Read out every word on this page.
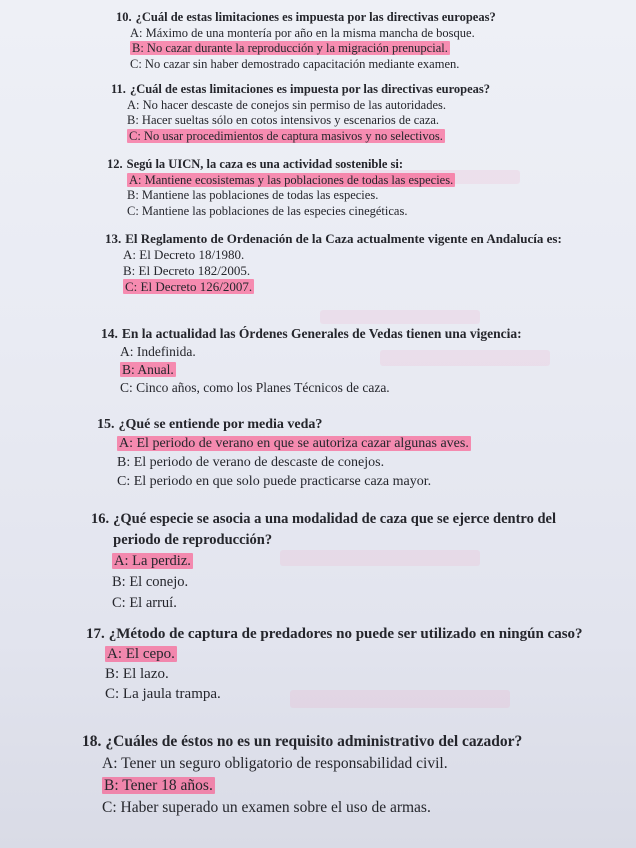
10. ¿Cuál de estas limitaciones es impuesta por las directivas europeas?
A: Máximo de una montería por año en la misma mancha de bosque.
B: No cazar durante la reproducción y la migración prenupcial.
C: No cazar sin haber demostrado capacitación mediante examen.
11. ¿Cuál de estas limitaciones es impuesta por las directivas europeas?
A: No hacer descaste de conejos sin permiso de las autoridades.
B: Hacer sueltas sólo en cotos intensivos y escenarios de caza.
C: No usar procedimientos de captura masivos y no selectivos.
12. Segú la UICN, la caza es una actividad sostenible si:
A: Mantiene ecosistemas y las poblaciones de todas las especies.
B: Mantiene las poblaciones de todas las especies.
C: Mantiene las poblaciones de las especies cinegéticas.
13. El Reglamento de Ordenación de la Caza actualmente vigente en Andalucía es:
A: El Decreto 18/1980.
B: El Decreto 182/2005.
C: El Decreto 126/2007.
14. En la actualidad las Órdenes Generales de Vedas tienen una vigencia:
A: Indefinida.
B: Anual.
C: Cinco años, como los Planes Técnicos de caza.
15. ¿Qué se entiende por media veda?
A: El periodo de verano en que se autoriza cazar algunas aves.
B: El periodo de verano de descaste de conejos.
C: El periodo en que solo puede practicarse caza mayor.
16. ¿Qué especie se asocia a una modalidad de caza que se ejerce dentro del periodo de reproducción?
A: La perdiz.
B: El conejo.
C: El arruí.
17. ¿Método de captura de predadores no puede ser utilizado en ningún caso?
A: El cepo.
B: El lazo.
C: La jaula trampa.
18. ¿Cuáles de éstos no es un requisito administrativo del cazador?
A: Tener un seguro obligatorio de responsabilidad civil.
B: Tener 18 años.
C: Haber superado un examen sobre el uso de armas.
